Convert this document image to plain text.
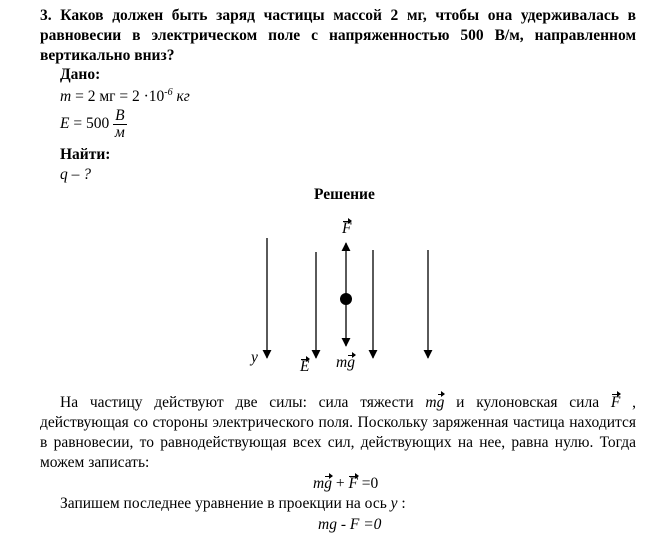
3. Каков должен быть заряд частицы массой 2 мг, чтобы она удерживалась в
равновесии в электрическом поле с напряженностью 500 В/м, направленном
вертикально вниз?
Дано:
m = 2 мг = $2 \cdot 10^{-6}$ кг
$E = 500 \frac{В}{м}$
Найти:
q – ?
Решение
F
y
E mg
На частицу действуют две силы: сила тяжести mg и кулоновская сила F ,
действующая со стороны электрического поля. Поскольку заряженная частица находится
в равновесии, то равнодействующая всех сил, действующих на нее, равна нулю. Тогда
можем записать:
mg + F =0
Запишем последнее уравнение в проекции на ось y :
mg - F =0
